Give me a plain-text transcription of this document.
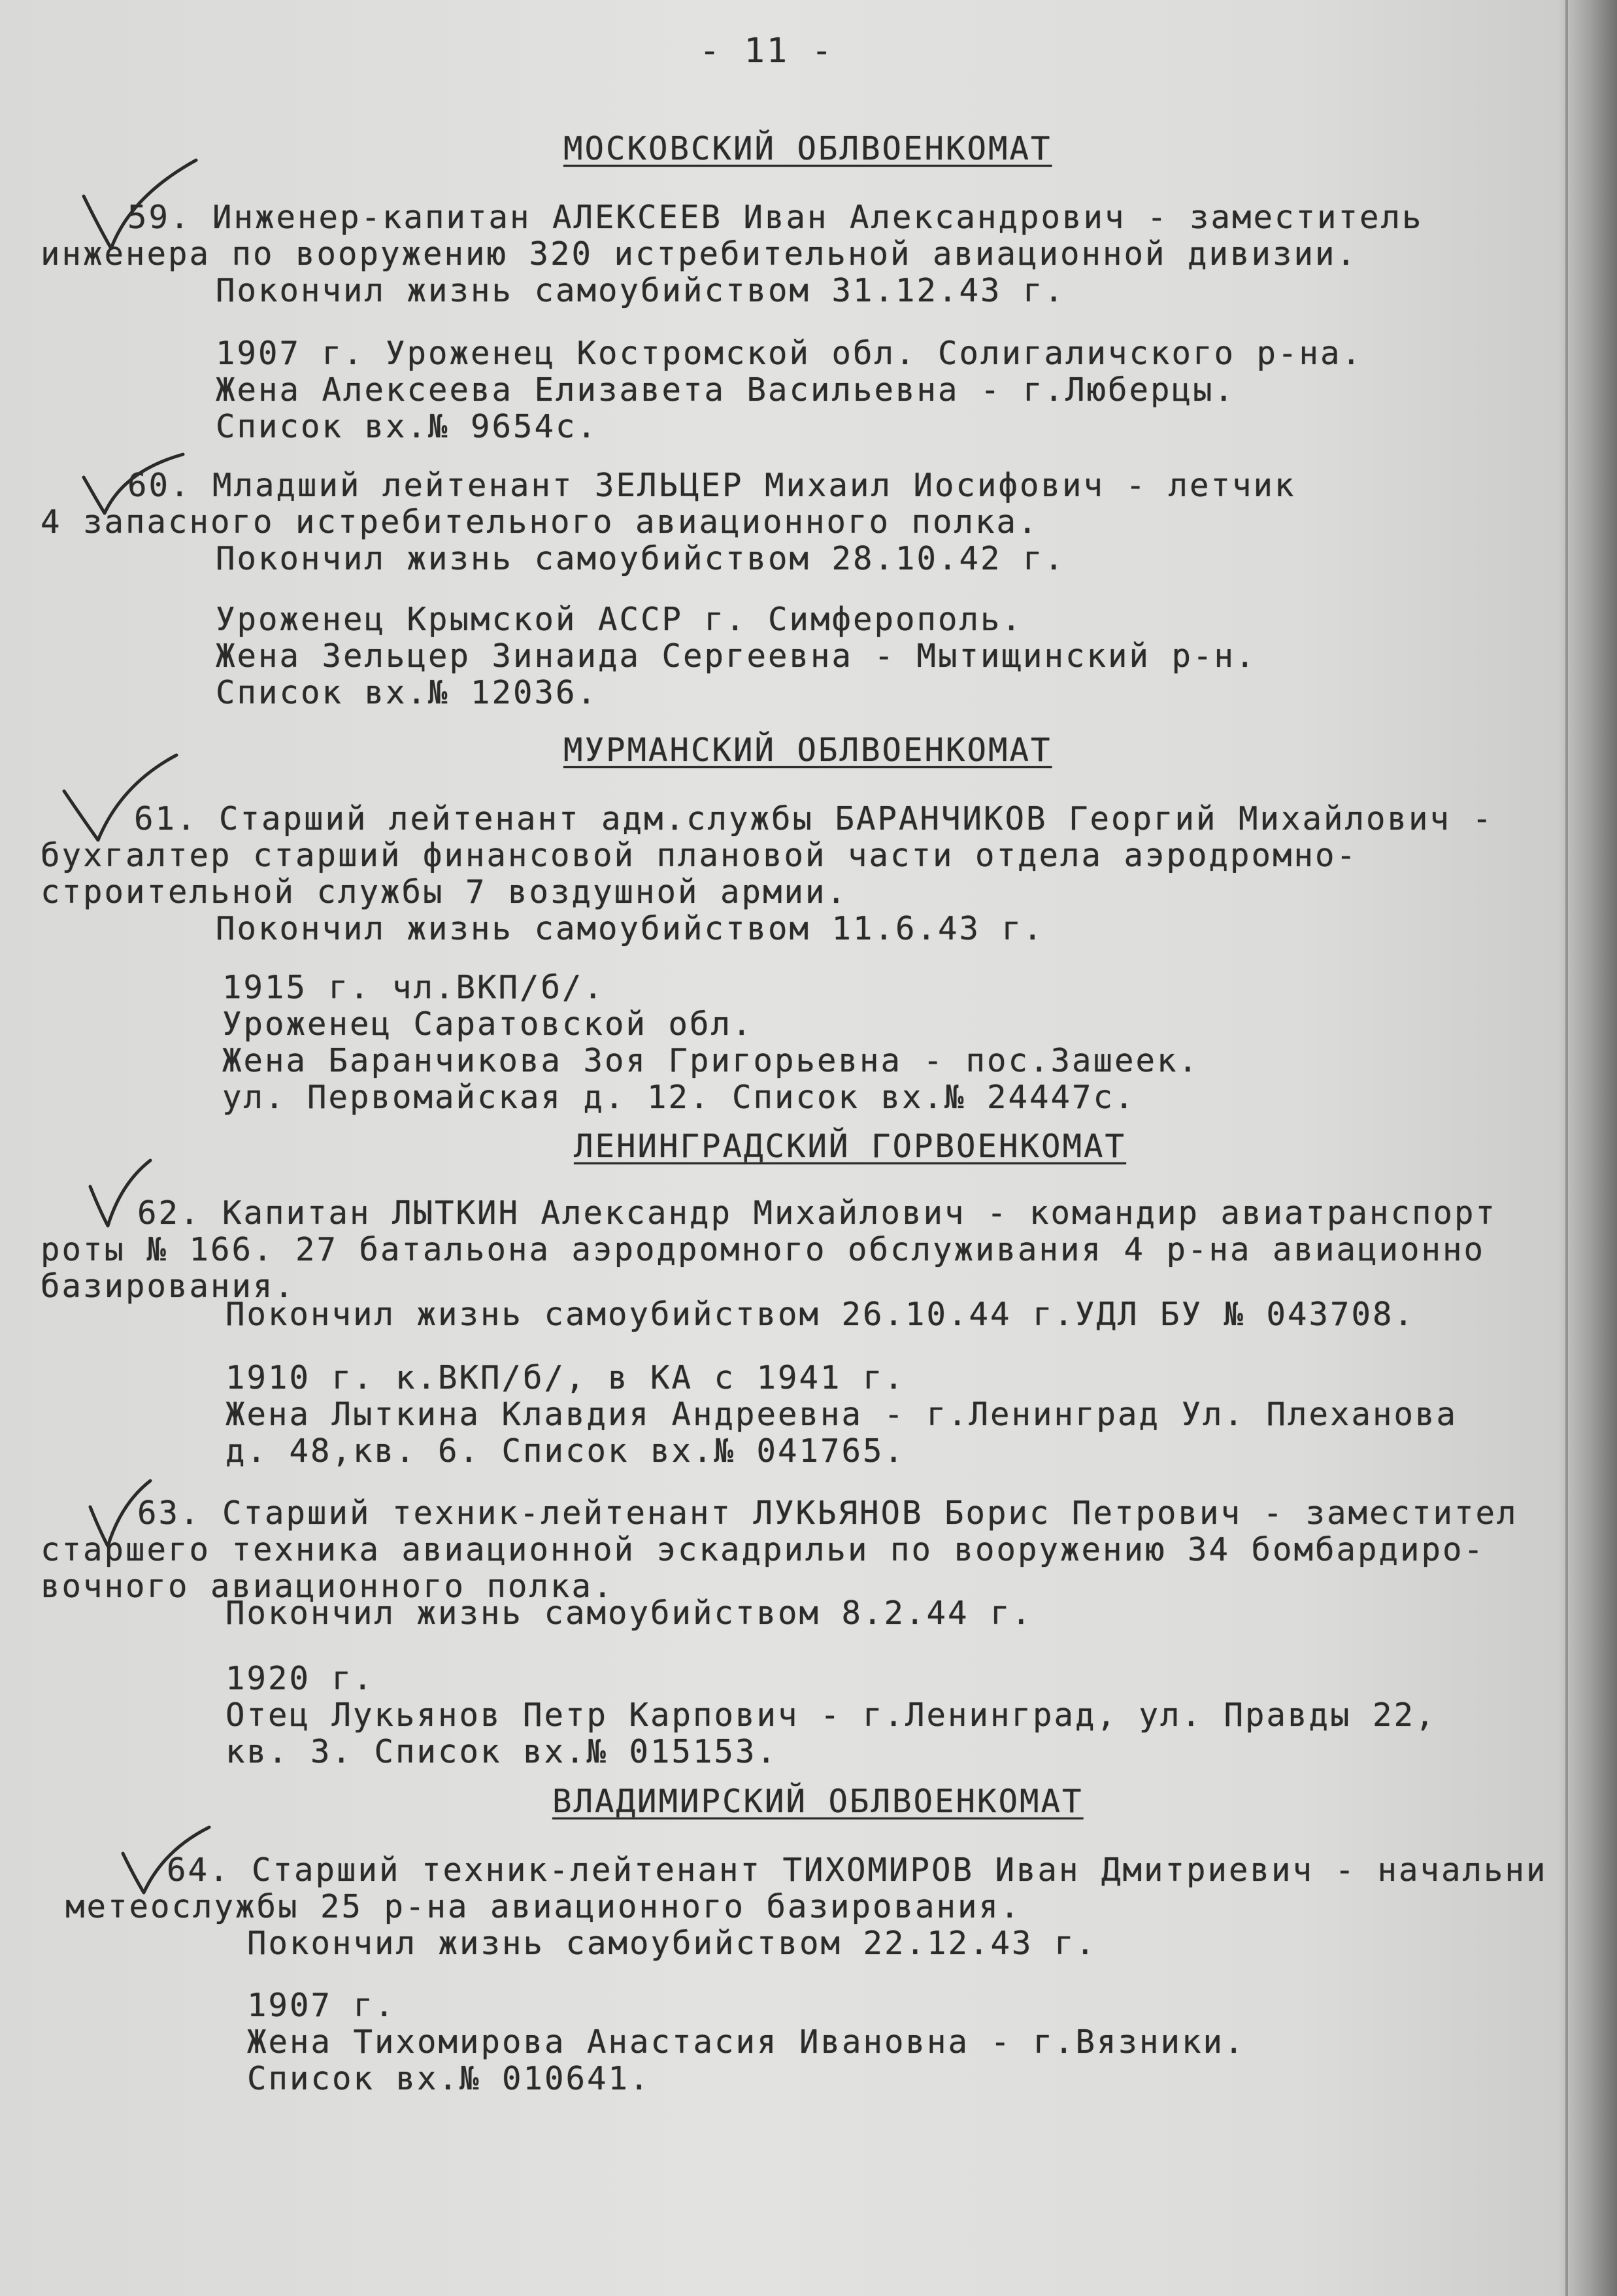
- 11 -
МОСКОВСКИЙ ОБЛВОЕНКОМАТ
59. Инженер-капитан АЛЕКСЕЕВ Иван Александрович - заместитель
инженера по вооружению 320 истребительной авиационной дивизии.
Покончил жизнь самоубийством 31.12.43 г.
1907 г. Уроженец Костромской обл. Солигаличского р-на.
Жена Алексеева Елизавета Васильевна - г.Люберцы.
Список вх.№ 9654с.
60. Младший лейтенант ЗЕЛЬЦЕР Михаил Иосифович - летчик
4 запасного истребительного авиационного полка.
Покончил жизнь самоубийством 28.10.42 г.
Уроженец Крымской АССР г. Симферополь.
Жена Зельцер Зинаида Сергеевна - Мытищинский р-н.
Список вх.№ 12036.
МУРМАНСКИЙ ОБЛВОЕНКОМАТ
61. Старший лейтенант адм.службы БАРАНЧИКОВ Георгий Михайлович -
бухгалтер старший финансовой плановой части отдела аэродромно-
строительной службы 7 воздушной армии.
Покончил жизнь самоубийством 11.6.43 г.
1915 г. чл.ВКП/б/.
Уроженец Саратовской обл.
Жена Баранчикова Зоя Григорьевна - пос.Зашеек.
ул. Первомайская д. 12. Список вх.№ 24447с.
ЛЕНИНГРАДСКИЙ ГОРВОЕНКОМАТ
62. Капитан ЛЫТКИН Александр Михайлович - командир авиатранспорт
роты № 166. 27 батальона аэродромного обслуживания 4 р-на авиационно
базирования.
Покончил жизнь самоубийством 26.10.44 г.УДЛ БУ № 043708.
1910 г. к.ВКП/б/, в КА с 1941 г.
Жена Лыткина Клавдия Андреевна - г.Ленинград Ул. Плеханова
д. 48,кв. 6. Список вх.№ 041765.
63. Старший техник-лейтенант ЛУКЬЯНОВ Борис Петрович - заместител
старшего техника авиационной эскадрильи по вооружению 34 бомбардиро-
вочного авиационного полка.
Покончил жизнь самоубийством 8.2.44 г.
1920 г.
Отец Лукьянов Петр Карпович - г.Ленинград, ул. Правды 22,
кв. 3. Список вх.№ 015153.
ВЛАДИМИРСКИЙ ОБЛВОЕНКОМАТ
64. Старший техник-лейтенант ТИХОМИРОВ Иван Дмитриевич - начальни
метеослужбы 25 р-на авиационного базирования.
Покончил жизнь самоубийством 22.12.43 г.
1907 г.
Жена Тихомирова Анастасия Ивановна - г.Вязники.
Список вх.№ 010641.
